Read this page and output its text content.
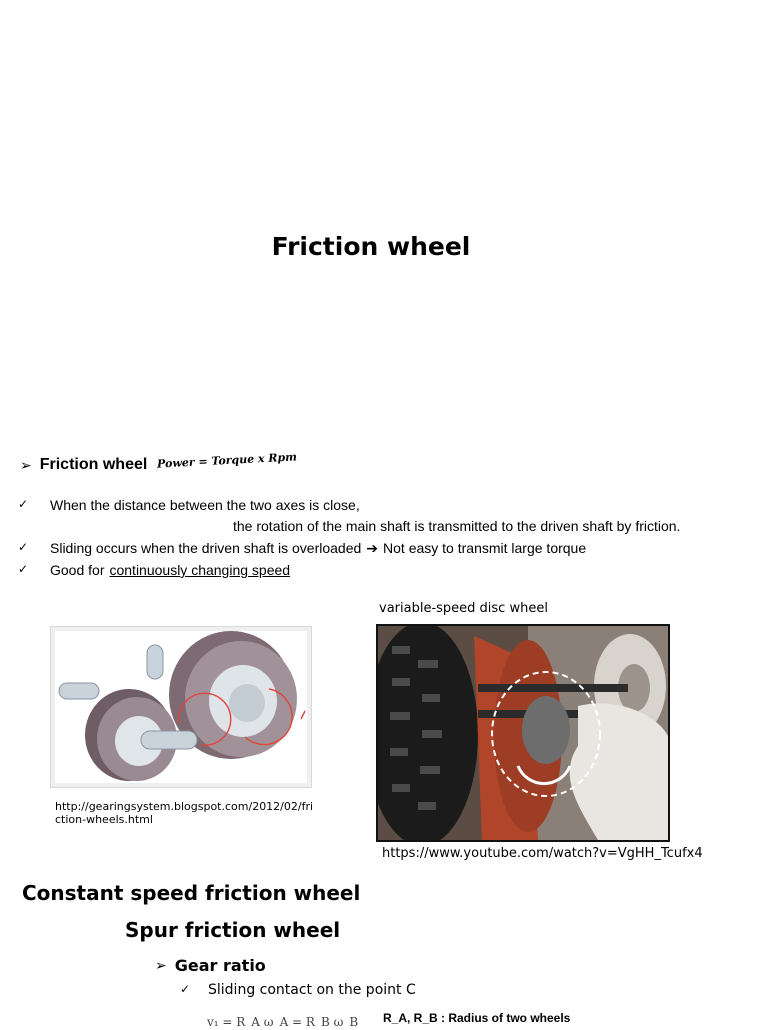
Friction wheel
➢ Friction wheel Power = Torque x Rpm
✓	When the distance between the two axes is close,
the rotation of the main shaft is transmitted to the driven shaft by friction.
✓	Sliding occurs when the driven shaft is overloaded ➔ Not easy to transmit large torque
✓	Good for continuously changing speed
variable-speed disc wheel
http://gearingsystem.blogspot.com/2012/02/friction-wheels.html
https://www.youtube.com/watch?v=VgHH_Tcufx4
Constant speed friction wheel
Spur friction wheel
➢ Gear ratio
✓	Sliding contact on the point C
v₁ = R_A ω_A = R_B ω_B R_A, R_B : Radius of two wheels
